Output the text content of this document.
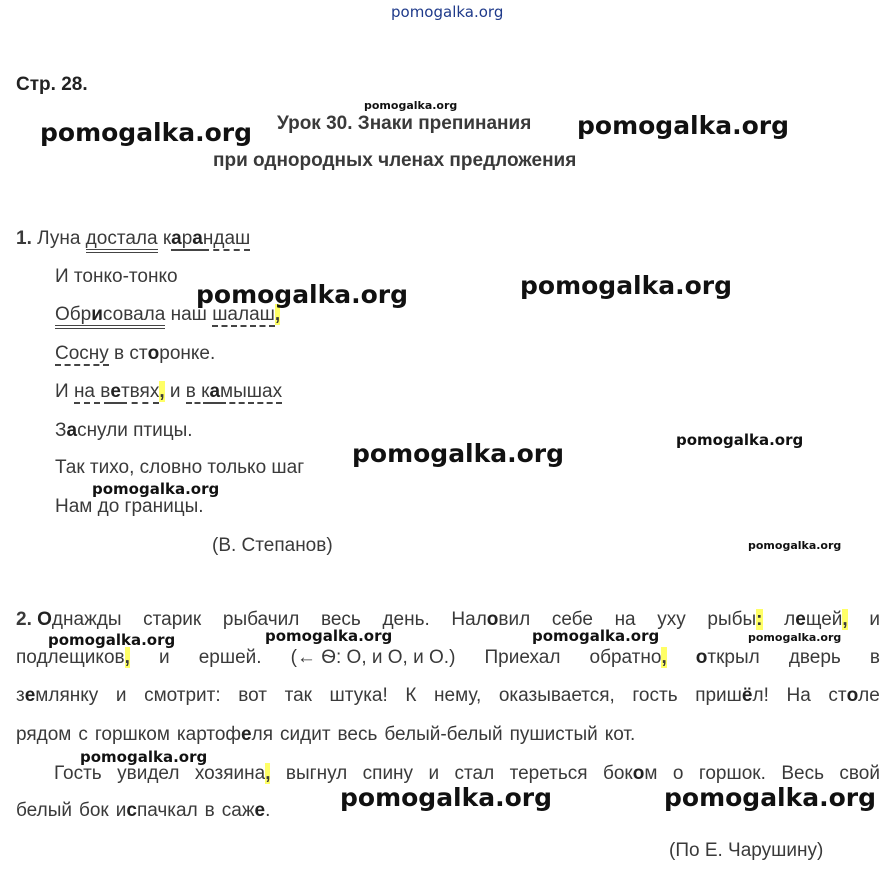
pomogalka.org
Стр. 28.
Урок 30. Знаки препинания
при однородных членах предложения
1. Луна достала карандаш
И тонко-тонко
Обрисовала наш шалаш,
Сосну в сторонке.
И на ветвях, и в камышах
Заснули птицы.
Так тихо, словно только шаг
Нам до границы.
(В. Степанов)
2. Однажды старик рыбачил весь день. Наловил себе на уху рыбы: лещей, и
подлещиков, и ершей. (← Ѳ: О, и О, и О.) Приехал обратно, открыл дверь в
землянку и смотрит: вот так штука! К нему, оказывается, гость пришёл! На столе
рядом с горшком картофеля сидит весь белый-белый пушистый кот.
Гость увидел хозяина, выгнул спину и стал тереться боком о горшок. Весь свой
белый бок испачкал в саже.
(По Е. Чарушину)
pomogalka.org
pomogalka.org
pomogalka.org
pomogalka.org	pomogalka.org
pomogalka.org
pomogalka.org
pomogalka.org
pomogalka.org
pomogalka.org	pomogalka.org	pomogalka.org	pomogalka.org
pomogalka.org
pomogalka.org	pomogalka.org
